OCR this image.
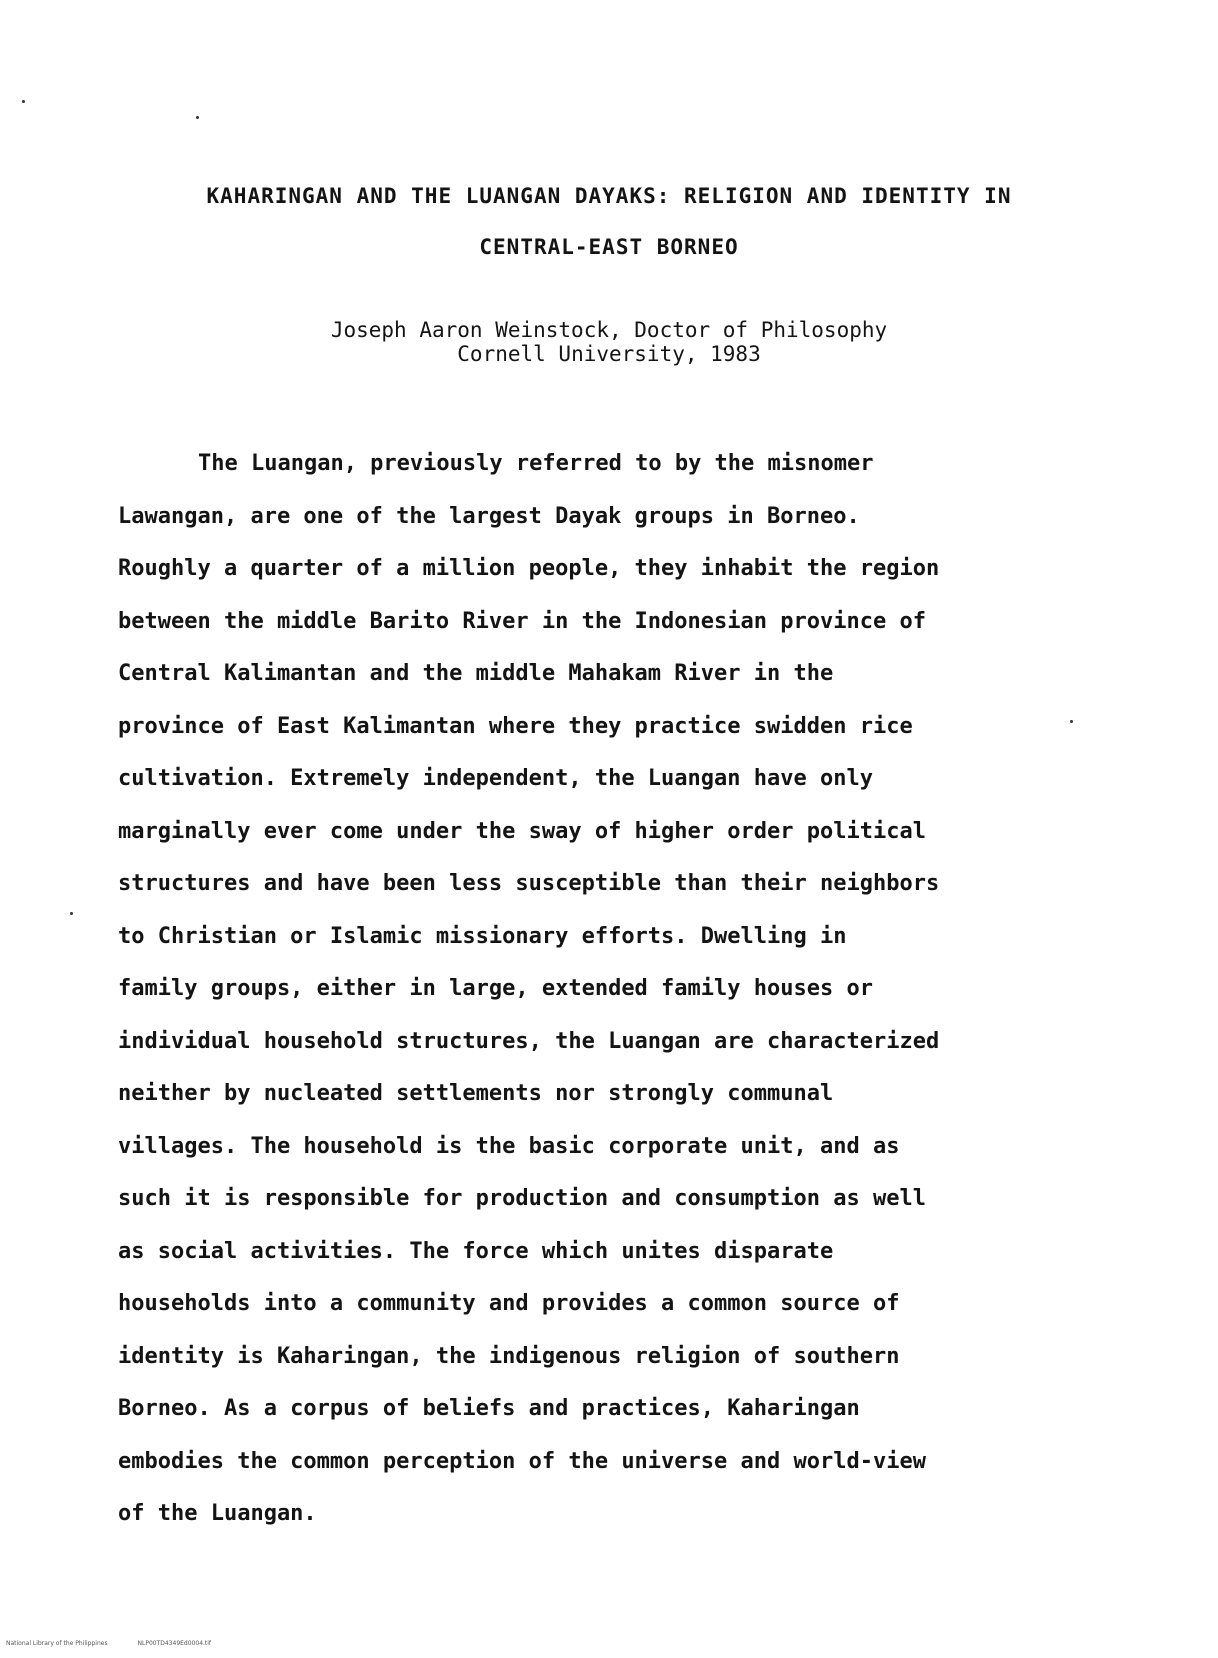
KAHARINGAN AND THE LUANGAN DAYAKS: RELIGION AND IDENTITY IN
CENTRAL-EAST BORNEO
Joseph Aaron Weinstock, Doctor of Philosophy
Cornell University, 1983
The Luangan, previously referred to by the misnomer
Lawangan, are one of the largest Dayak groups in Borneo.
Roughly a quarter of a million people, they inhabit the region
between the middle Barito River in the Indonesian province of
Central Kalimantan and the middle Mahakam River in the
province of East Kalimantan where they practice swidden rice
cultivation. Extremely independent, the Luangan have only
marginally ever come under the sway of higher order political
structures and have been less susceptible than their neighbors
to Christian or Islamic missionary efforts. Dwelling in
family groups, either in large, extended family houses or
individual household structures, the Luangan are characterized
neither by nucleated settlements nor strongly communal
villages. The household is the basic corporate unit, and as
such it is responsible for production and consumption as well
as social activities. The force which unites disparate
households into a community and provides a common source of
identity is Kaharingan, the indigenous religion of southern
Borneo. As a corpus of beliefs and practices, Kaharingan
embodies the common perception of the universe and world-view
of the Luangan.
National Library of the Philippines	NLP00TD4349Ed0004.tif
